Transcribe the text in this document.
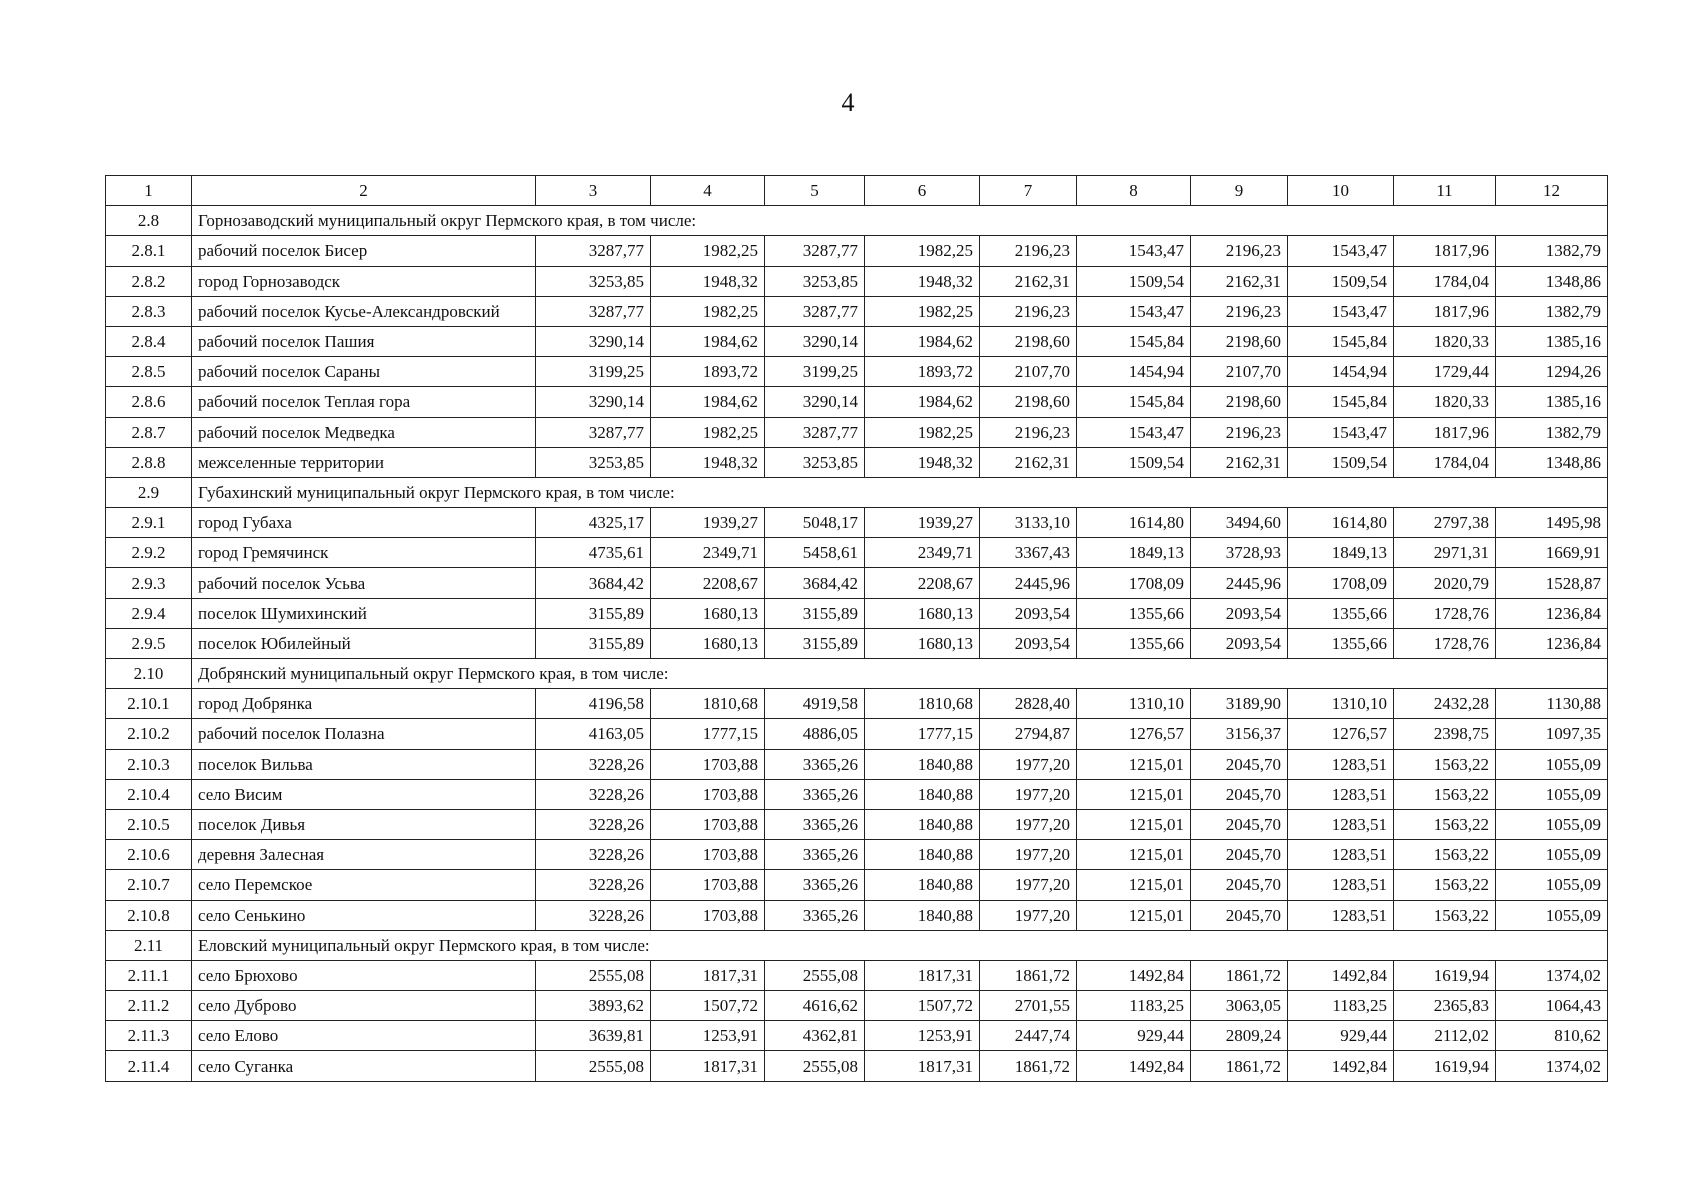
4
1	2	3	4	5	6	7	8	9	10	11	12
2.8	Горнозаводский муниципальный округ Пермского края, в том числе:										
2.8.1	рабочий поселок Бисер	3287,77	1982,25	3287,77	1982,25	2196,23	1543,47	2196,23	1543,47	1817,96	1382,79
2.8.2	город Горнозаводск	3253,85	1948,32	3253,85	1948,32	2162,31	1509,54	2162,31	1509,54	1784,04	1348,86
2.8.3	рабочий поселок Кусье-Александровский	3287,77	1982,25	3287,77	1982,25	2196,23	1543,47	2196,23	1543,47	1817,96	1382,79
2.8.4	рабочий поселок Пашия	3290,14	1984,62	3290,14	1984,62	2198,60	1545,84	2198,60	1545,84	1820,33	1385,16
2.8.5	рабочий поселок Сараны	3199,25	1893,72	3199,25	1893,72	2107,70	1454,94	2107,70	1454,94	1729,44	1294,26
2.8.6	рабочий поселок Теплая гора	3290,14	1984,62	3290,14	1984,62	2198,60	1545,84	2198,60	1545,84	1820,33	1385,16
2.8.7	рабочий поселок Медведка	3287,77	1982,25	3287,77	1982,25	2196,23	1543,47	2196,23	1543,47	1817,96	1382,79
2.8.8	межселенные территории	3253,85	1948,32	3253,85	1948,32	2162,31	1509,54	2162,31	1509,54	1784,04	1348,86
2.9	Губахинский муниципальный округ Пермского края, в том числе:										
2.9.1	город Губаха	4325,17	1939,27	5048,17	1939,27	3133,10	1614,80	3494,60	1614,80	2797,38	1495,98
2.9.2	город Гремячинск	4735,61	2349,71	5458,61	2349,71	3367,43	1849,13	3728,93	1849,13	2971,31	1669,91
2.9.3	рабочий поселок Усьва	3684,42	2208,67	3684,42	2208,67	2445,96	1708,09	2445,96	1708,09	2020,79	1528,87
2.9.4	поселок Шумихинский	3155,89	1680,13	3155,89	1680,13	2093,54	1355,66	2093,54	1355,66	1728,76	1236,84
2.9.5	поселок Юбилейный	3155,89	1680,13	3155,89	1680,13	2093,54	1355,66	2093,54	1355,66	1728,76	1236,84
2.10	Добрянский муниципальный округ Пермского края, в том числе:										
2.10.1	город Добрянка	4196,58	1810,68	4919,58	1810,68	2828,40	1310,10	3189,90	1310,10	2432,28	1130,88
2.10.2	рабочий поселок Полазна	4163,05	1777,15	4886,05	1777,15	2794,87	1276,57	3156,37	1276,57	2398,75	1097,35
2.10.3	поселок Вильва	3228,26	1703,88	3365,26	1840,88	1977,20	1215,01	2045,70	1283,51	1563,22	1055,09
2.10.4	село Висим	3228,26	1703,88	3365,26	1840,88	1977,20	1215,01	2045,70	1283,51	1563,22	1055,09
2.10.5	поселок Дивья	3228,26	1703,88	3365,26	1840,88	1977,20	1215,01	2045,70	1283,51	1563,22	1055,09
2.10.6	деревня Залесная	3228,26	1703,88	3365,26	1840,88	1977,20	1215,01	2045,70	1283,51	1563,22	1055,09
2.10.7	село Перемское	3228,26	1703,88	3365,26	1840,88	1977,20	1215,01	2045,70	1283,51	1563,22	1055,09
2.10.8	село Сенькино	3228,26	1703,88	3365,26	1840,88	1977,20	1215,01	2045,70	1283,51	1563,22	1055,09
2.11	Еловский муниципальный округ Пермского края, в том числе:										
2.11.1	село Брюхово	2555,08	1817,31	2555,08	1817,31	1861,72	1492,84	1861,72	1492,84	1619,94	1374,02
2.11.2	село Дуброво	3893,62	1507,72	4616,62	1507,72	2701,55	1183,25	3063,05	1183,25	2365,83	1064,43
2.11.3	село Елово	3639,81	1253,91	4362,81	1253,91	2447,74	929,44	2809,24	929,44	2112,02	810,62
2.11.4	село Суганка	2555,08	1817,31	2555,08	1817,31	1861,72	1492,84	1861,72	1492,84	1619,94	1374,02
